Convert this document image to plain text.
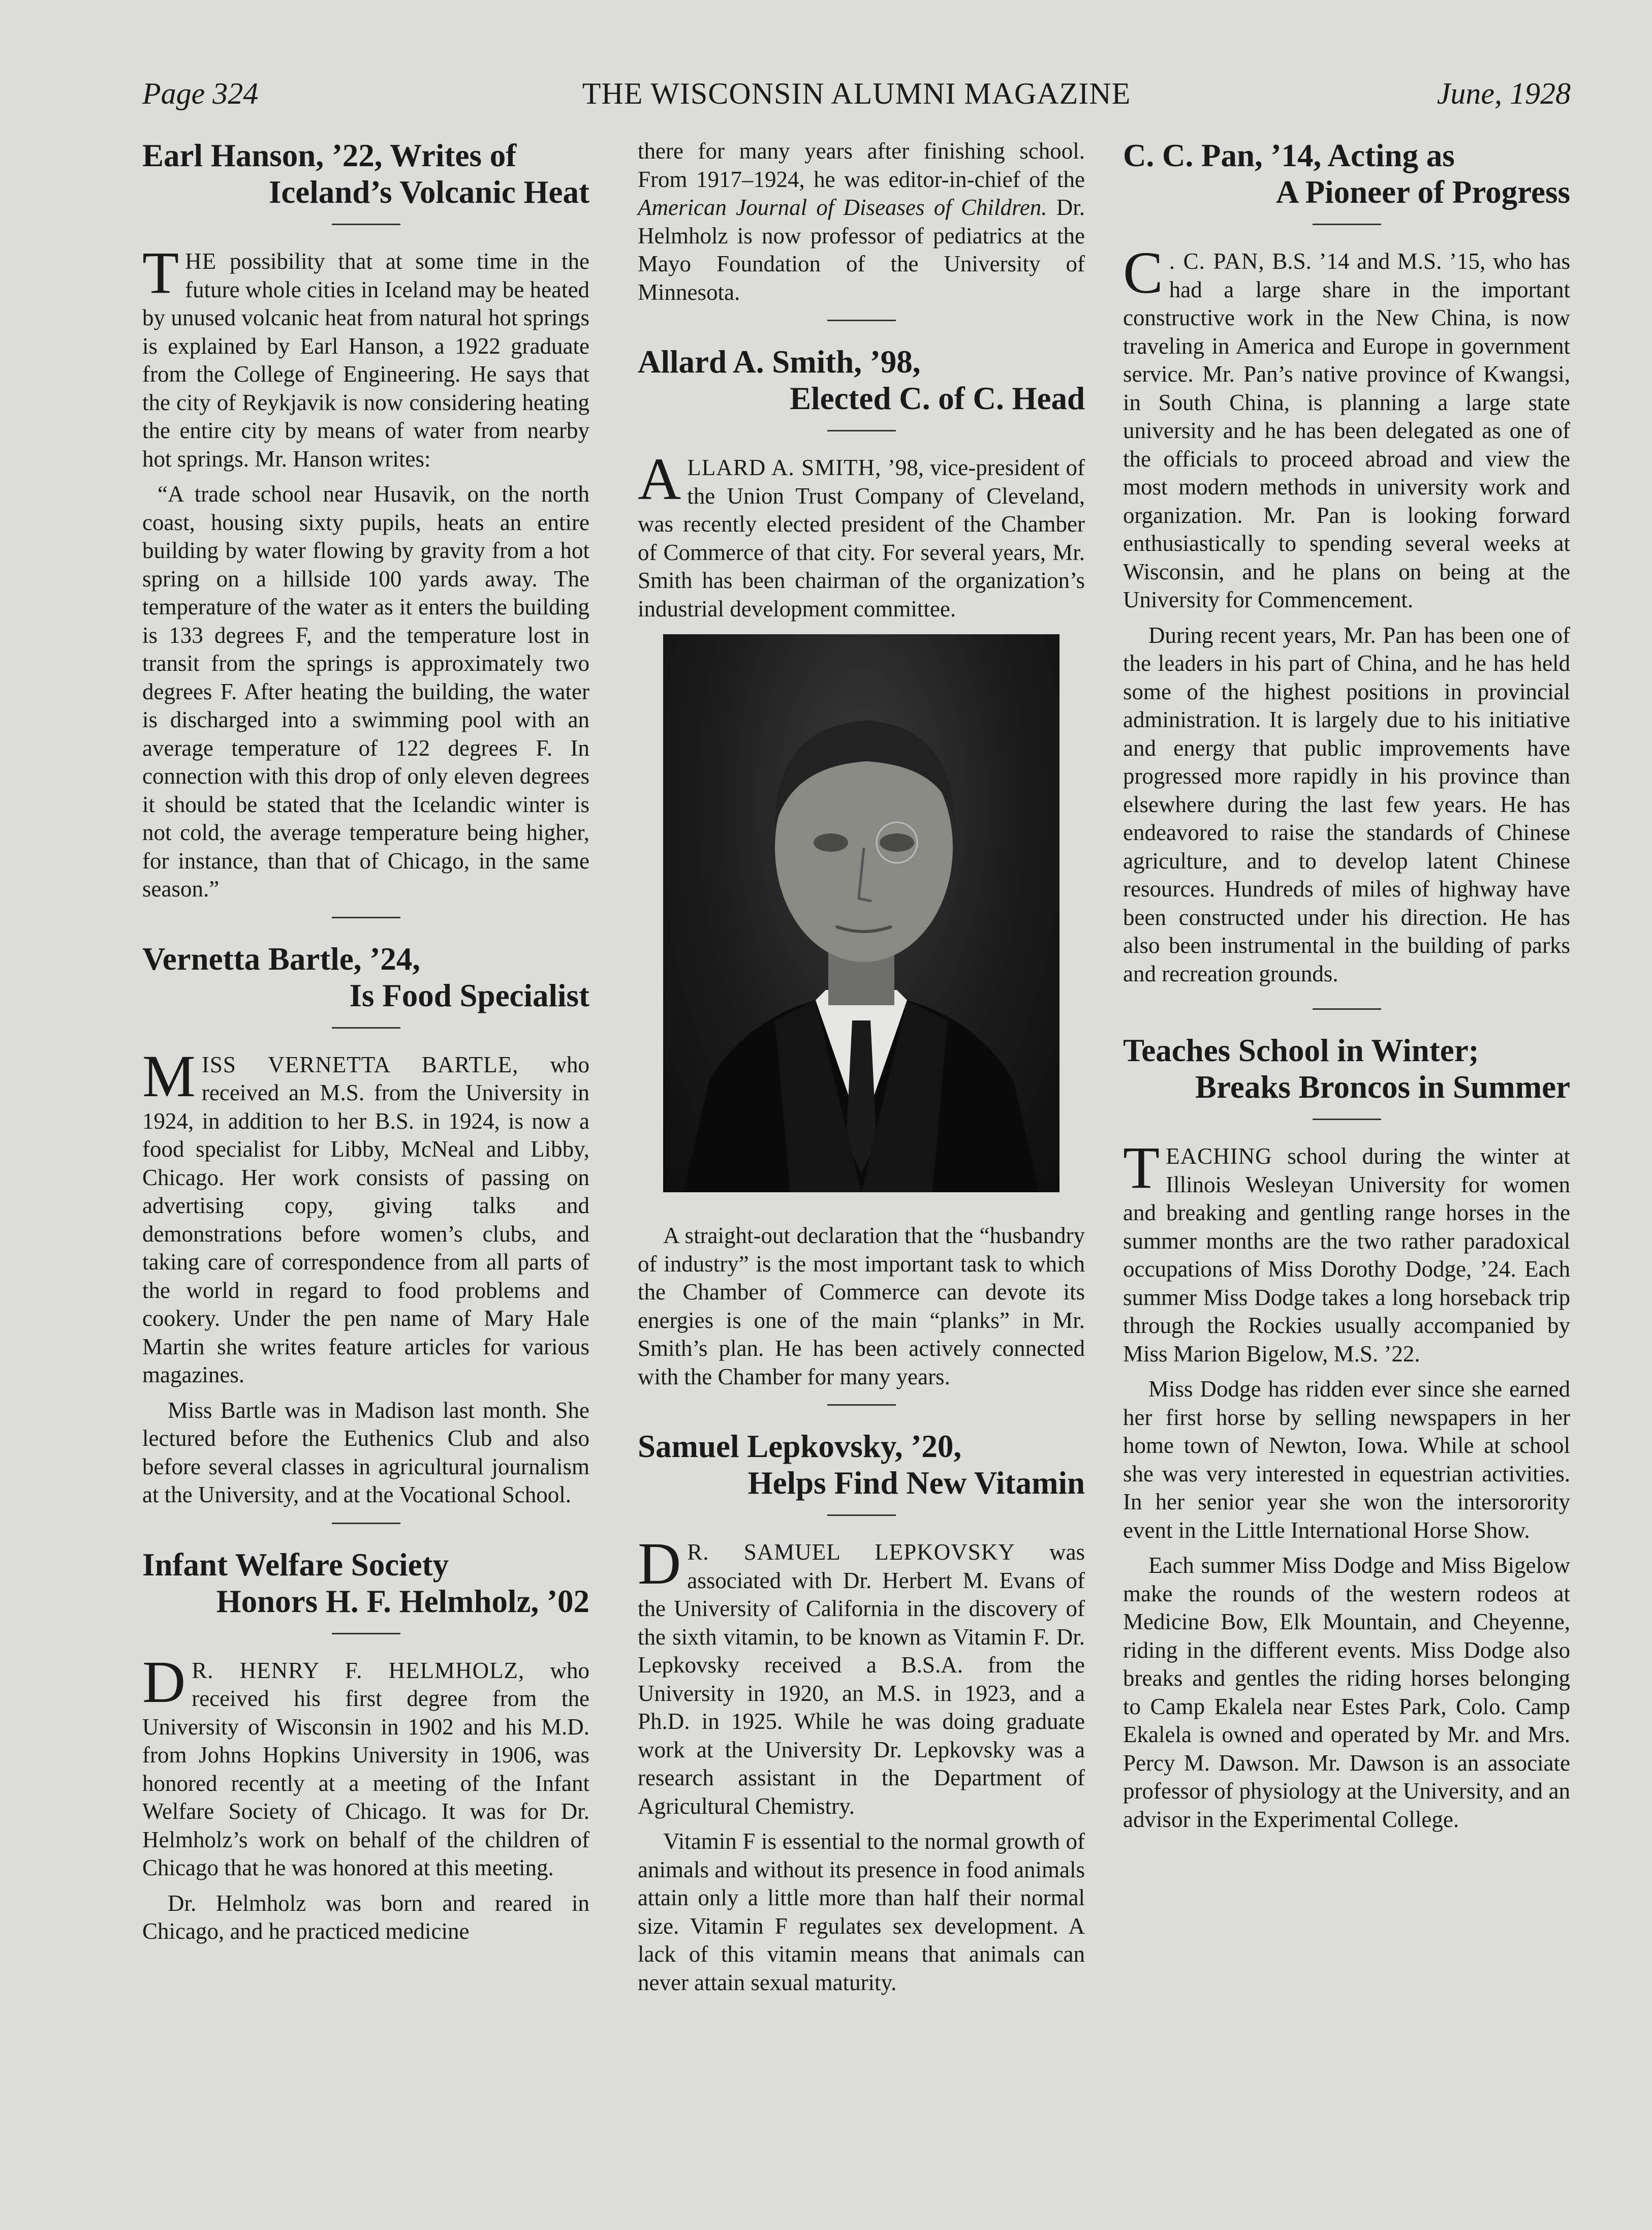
Page 324	THE WISCONSIN ALUMNI MAGAZINE	June, 1928
Earl Hanson, ’22, Writes of
Iceland’s Volcanic Heat

THE possibility that at some time in the future whole cities in Iceland may be heated by unused volcanic heat from natural hot springs is explained by Earl Hanson, a 1922 graduate from the College of Engineering. He says that the city of Reykjavik is now considering heating the entire city by means of water from nearby hot springs. Mr. Hanson writes:

“A trade school near Husavik, on the north coast, housing sixty pupils, heats an entire building by water flowing by gravity from a hot spring on a hillside 100 yards away. The temperature of the water as it enters the building is 133 degrees F, and the temperature lost in transit from the springs is approximately two degrees F. After heating the building, the water is discharged into a swimming pool with an average temperature of 122 degrees F. In connection with this drop of only eleven degrees it should be stated that the Icelandic winter is not cold, the average temperature being higher, for instance, than that of Chicago, in the same season.”

Vernetta Bartle, ’24,
Is Food Specialist

MISS VERNETTA BARTLE, who received an M.S. from the University in 1924, in addition to her B.S. in 1924, is now a food specialist for Libby, McNeal and Libby, Chicago. Her work consists of passing on advertising copy, giving talks and demonstrations before women’s clubs, and taking care of correspondence from all parts of the world in regard to food problems and cookery. Under the pen name of Mary Hale Martin she writes feature articles for various magazines.

Miss Bartle was in Madison last month. She lectured before the Euthenics Club and also before several classes in agricultural journalism at the University, and at the Vocational School.

Infant Welfare Society
Honors H. F. Helmholz, ’02

D R. HENRY F. HELMHOLZ, who received his first degree from the University of Wisconsin in 1902 and his M.D. from Johns Hopkins University in 1906, was honored recently at a meeting of the Infant Welfare Society of Chicago. It was for Dr. Helmholz’s work on behalf of the children of Chicago that he was honored at this meeting.

Dr. Helmholz was born and reared in Chicago, and he practiced medicine

there for many years after finishing school. From 1917–1924, he was editor-in-chief of the American Journal of Diseases of Children. Dr. Helmholz is now professor of pediatrics at the Mayo Foundation of the University of Minnesota.

Allard A. Smith, ’98,
Elected C. of C. Head

ALLARD A. SMITH, ’98, vice-president of the Union Trust Company of Cleveland, was recently elected president of the Chamber of Commerce of that city. For several years, Mr. Smith has been chairman of the organization’s industrial development committee.

A straight-out declaration that the “husbandry of industry” is the most important task to which the Chamber of Commerce can devote its energies is one of the main “planks” in Mr. Smith’s plan. He has been actively connected with the Chamber for many years.

Samuel Lepkovsky, ’20,
Helps Find New Vitamin

D R. SAMUEL LEPKOVSKY was associated with Dr. Herbert M. Evans of the University of California in the discovery of the sixth vitamin, to be known as Vitamin F. Dr. Lepkovsky received a B.S.A. from the University in 1920, an M.S. in 1923, and a Ph.D. in 1925. While he was doing graduate work at the University Dr. Lepkovsky was a research assistant in the Department of Agricultural Chemistry.

Vitamin F is essential to the normal growth of animals and without its presence in food animals attain only a little more than half their normal size. Vitamin F regulates sex development. A lack of this vitamin means that animals can never attain sexual maturity.

C. C. Pan, ’14, Acting as
A Pioneer of Progress

C . C. PAN, B.S. ’14 and M.S. ’15, who has had a large share in the important constructive work in the New China, is now traveling in America and Europe in government service. Mr. Pan’s native province of Kwangsi, in South China, is planning a large state university and he has been delegated as one of the officials to proceed abroad and view the most modern methods in university work and organization. Mr. Pan is looking forward enthusiastically to spending several weeks at Wisconsin, and he plans on being at the University for Commencement.

During recent years, Mr. Pan has been one of the leaders in his part of China, and he has held some of the highest positions in provincial administration. It is largely due to his initiative and energy that public improvements have progressed more rapidly in his province than elsewhere during the last few years. He has endeavored to raise the standards of Chinese agriculture, and to develop latent Chinese resources. Hundreds of miles of highway have been constructed under his direction. He has also been instrumental in the building of parks and recreation grounds.

Teaches School in Winter;
Breaks Broncos in Summer

TEACHING school during the winter at Illinois Wesleyan University for women and breaking and gentling range horses in the summer months are the two rather paradoxical occupations of Miss Dorothy Dodge, ’24. Each summer Miss Dodge takes a long horseback trip through the Rockies usually accompanied by Miss Marion Bigelow, M.S. ’22.

Miss Dodge has ridden ever since she earned her first horse by selling newspapers in her home town of Newton, Iowa. While at school she was very interested in equestrian activities. In her senior year she won the intersorority event in the Little International Horse Show.

Each summer Miss Dodge and Miss Bigelow make the rounds of the western rodeos at Medicine Bow, Elk Mountain, and Cheyenne, riding in the different events. Miss Dodge also breaks and gentles the riding horses belonging to Camp Ekalela near Estes Park, Colo. Camp Ekalela is owned and operated by Mr. and Mrs. Percy M. Dawson. Mr. Dawson is an associate professor of physiology at the University, and an advisor in the Experimental College.
